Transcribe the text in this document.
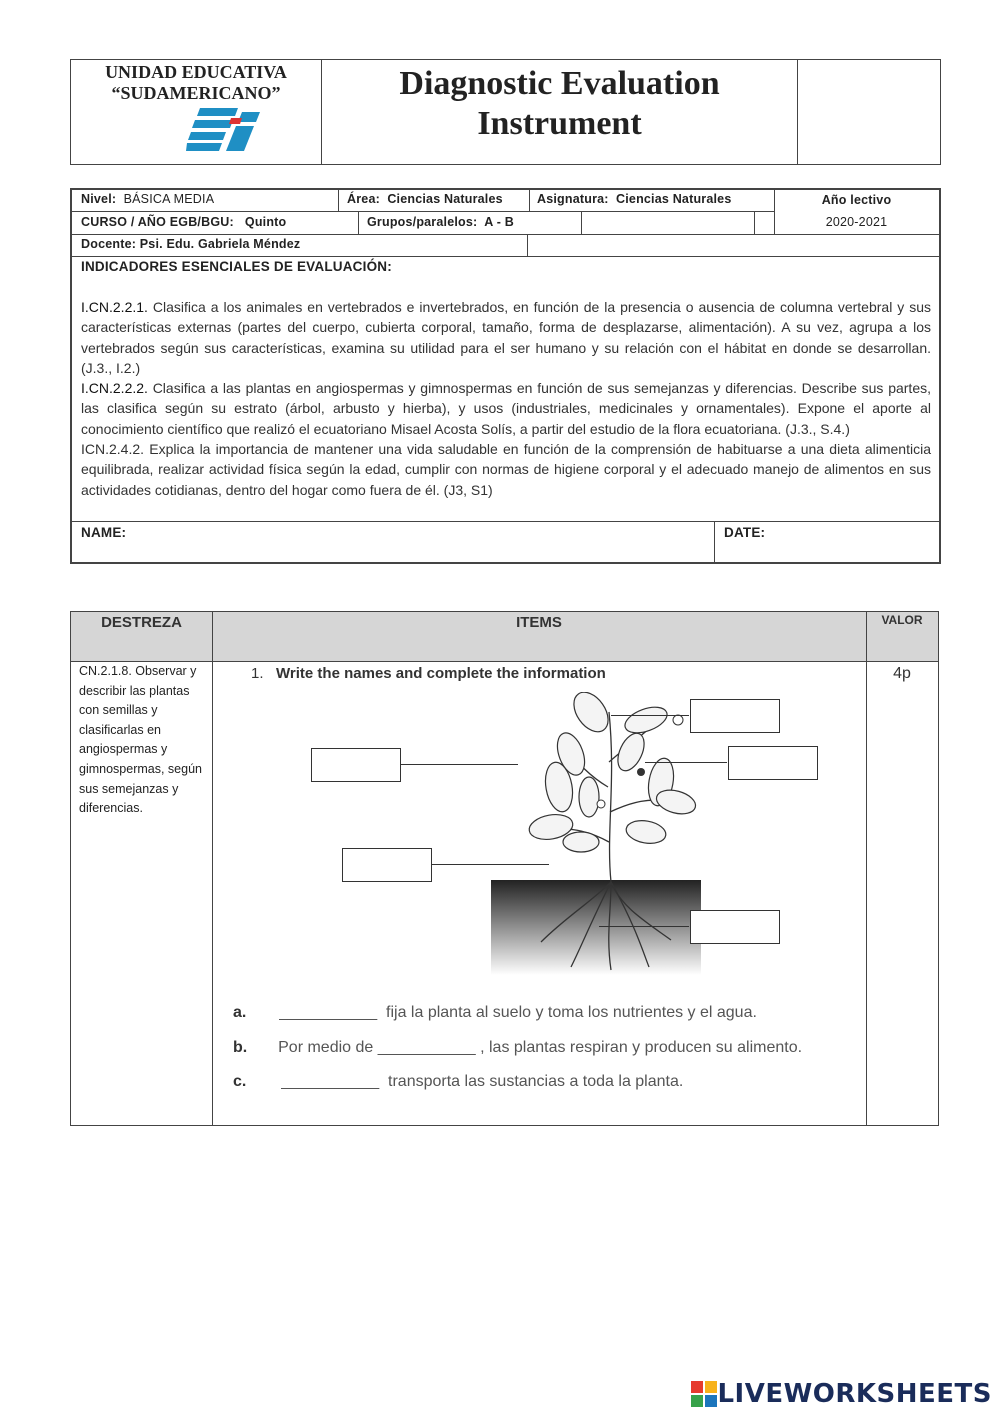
UNIDAD EDUCATIVA
“SUDAMERICANO”	Diagnostic Evaluation
Instrument
Nivel: BÁSICA MEDIA	Área: Ciencias Naturales	Asignatura: Ciencias Naturales	Año lectivo
2020-2021
CURSO / AÑO EGB/BGU: Quinto	Grupos/paralelos: A - B
Docente: Psi. Edu. Gabriela Méndez
INDICADORES ESENCIALES DE EVALUACIÓN:
I.CN.2.2.1. Clasifica a los animales en vertebrados e invertebrados, en función de la presencia o ausencia de columna vertebral y sus características externas (partes del cuerpo, cubierta corporal, tamaño, forma de desplazarse, alimentación). A su vez, agrupa a los vertebrados según sus características, examina su utilidad para el ser humano y su relación con el hábitat en donde se desarrollan. (J.3., I.2.)
I.CN.2.2.2. Clasifica a las plantas en angiospermas y gimnospermas en función de sus semejanzas y diferencias. Describe sus partes, las clasifica según su estrato (árbol, arbusto y hierba), y usos (industriales, medicinales y ornamentales). Expone el aporte al conocimiento científico que realizó el ecuatoriano Misael Acosta Solís, a partir del estudio de la flora ecuatoriana. (J.3., S.4.)
ICN.2.4.2. Explica la importancia de mantener una vida saludable en función de la comprensión de habituarse a una dieta alimenticia equilibrada, realizar actividad física según la edad, cumplir con normas de higiene corporal y el adecuado manejo de alimentos en sus actividades cotidianas, dentro del hogar como fuera de él. (J3, S1)
NAME:	DATE:
DESTREZA	ITEMS	VALOR
CN.2.1.8. Observar y describir las plantas con semillas y clasificarlas en angiospermas y gimnospermas, según sus semejanzas y diferencias.
1. Write the names and complete the information	4p
a. ___________ fija la planta al suelo y toma los nutrientes y el agua.
b. Por medio de ___________ , las plantas respiran y producen su alimento.
c. ___________ transporta las sustancias a toda la planta.
LIVEWORKSHEETS
